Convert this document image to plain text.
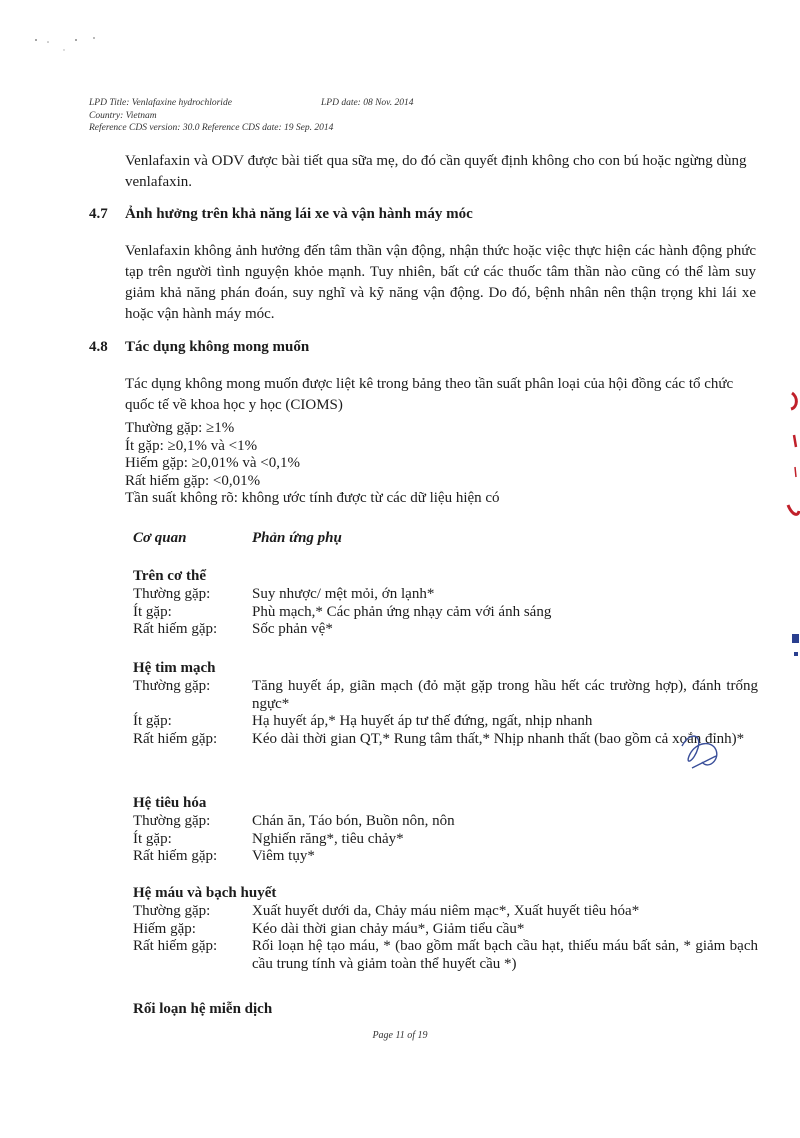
LPD Title: Venlafaxine hydrochloride	LPD date: 08 Nov. 2014
Country: Vietnam
Reference CDS version: 30.0 Reference CDS date: 19 Sep. 2014
Venlafaxin và ODV được bài tiết qua sữa mẹ, do đó cần quyết định không cho con bú hoặc ngừng dùng venlafaxin.
4.7 Ảnh hưởng trên khả năng lái xe và vận hành máy móc
Venlafaxin không ảnh hưởng đến tâm thần vận động, nhận thức hoặc việc thực hiện các hành động phức tạp trên người tình nguyện khỏe mạnh. Tuy nhiên, bất cứ các thuốc tâm thần nào cũng có thể làm suy giảm khả năng phán đoán, suy nghĩ và kỹ năng vận động. Do đó, bệnh nhân nên thận trọng khi lái xe hoặc vận hành máy móc.
4.8 Tác dụng không mong muốn
Tác dụng không mong muốn được liệt kê trong bảng theo tần suất phân loại của hội đồng các tổ chức quốc tế về khoa học y học (CIOMS)
Thường gặp: ≥1%
Ít gặp: ≥0,1% và <1%
Hiếm gặp: ≥0,01% và <0,1%
Rất hiếm gặp: <0,01%
Tần suất không rõ: không ước tính được từ các dữ liệu hiện có
Cơ quan	Phản ứng phụ
Trên cơ thể
Thường gặp:	Suy nhược/ mệt mỏi, ớn lạnh*
Ít gặp:	Phù mạch,* Các phản ứng nhạy cảm với ánh sáng
Rất hiếm gặp: Sốc phản vệ*
Hệ tim mạch
Thường gặp:	Tăng huyết áp, giãn mạch (đỏ mặt gặp trong hầu hết các trường hợp), đánh trống ngực*
Ít gặp:	Hạ huyết áp,* Hạ huyết áp tư thế đứng, ngất, nhịp nhanh
Rất hiếm gặp: Kéo dài thời gian QT,* Rung tâm thất,* Nhịp nhanh thất (bao gồm cả xoắn đỉnh)*
Hệ tiêu hóa
Thường gặp:	Chán ăn, Táo bón, Buồn nôn, nôn
Ít gặp:	Nghiến răng*, tiêu chảy*
Rất hiếm gặp: Viêm tụy*
Hệ máu và bạch huyết
Thường gặp:	Xuất huyết dưới da, Chảy máu niêm mạc*, Xuất huyết tiêu hóa*
Hiếm gặp:	Kéo dài thời gian chảy máu*, Giảm tiểu cầu*
Rất hiếm gặp: Rối loạn hệ tạo máu, * (bao gồm mất bạch cầu hạt, thiếu máu bất sản, * giảm bạch cầu trung tính và giảm toàn thể huyết cầu *)
Rối loạn hệ miễn dịch
Page 11 of 19
